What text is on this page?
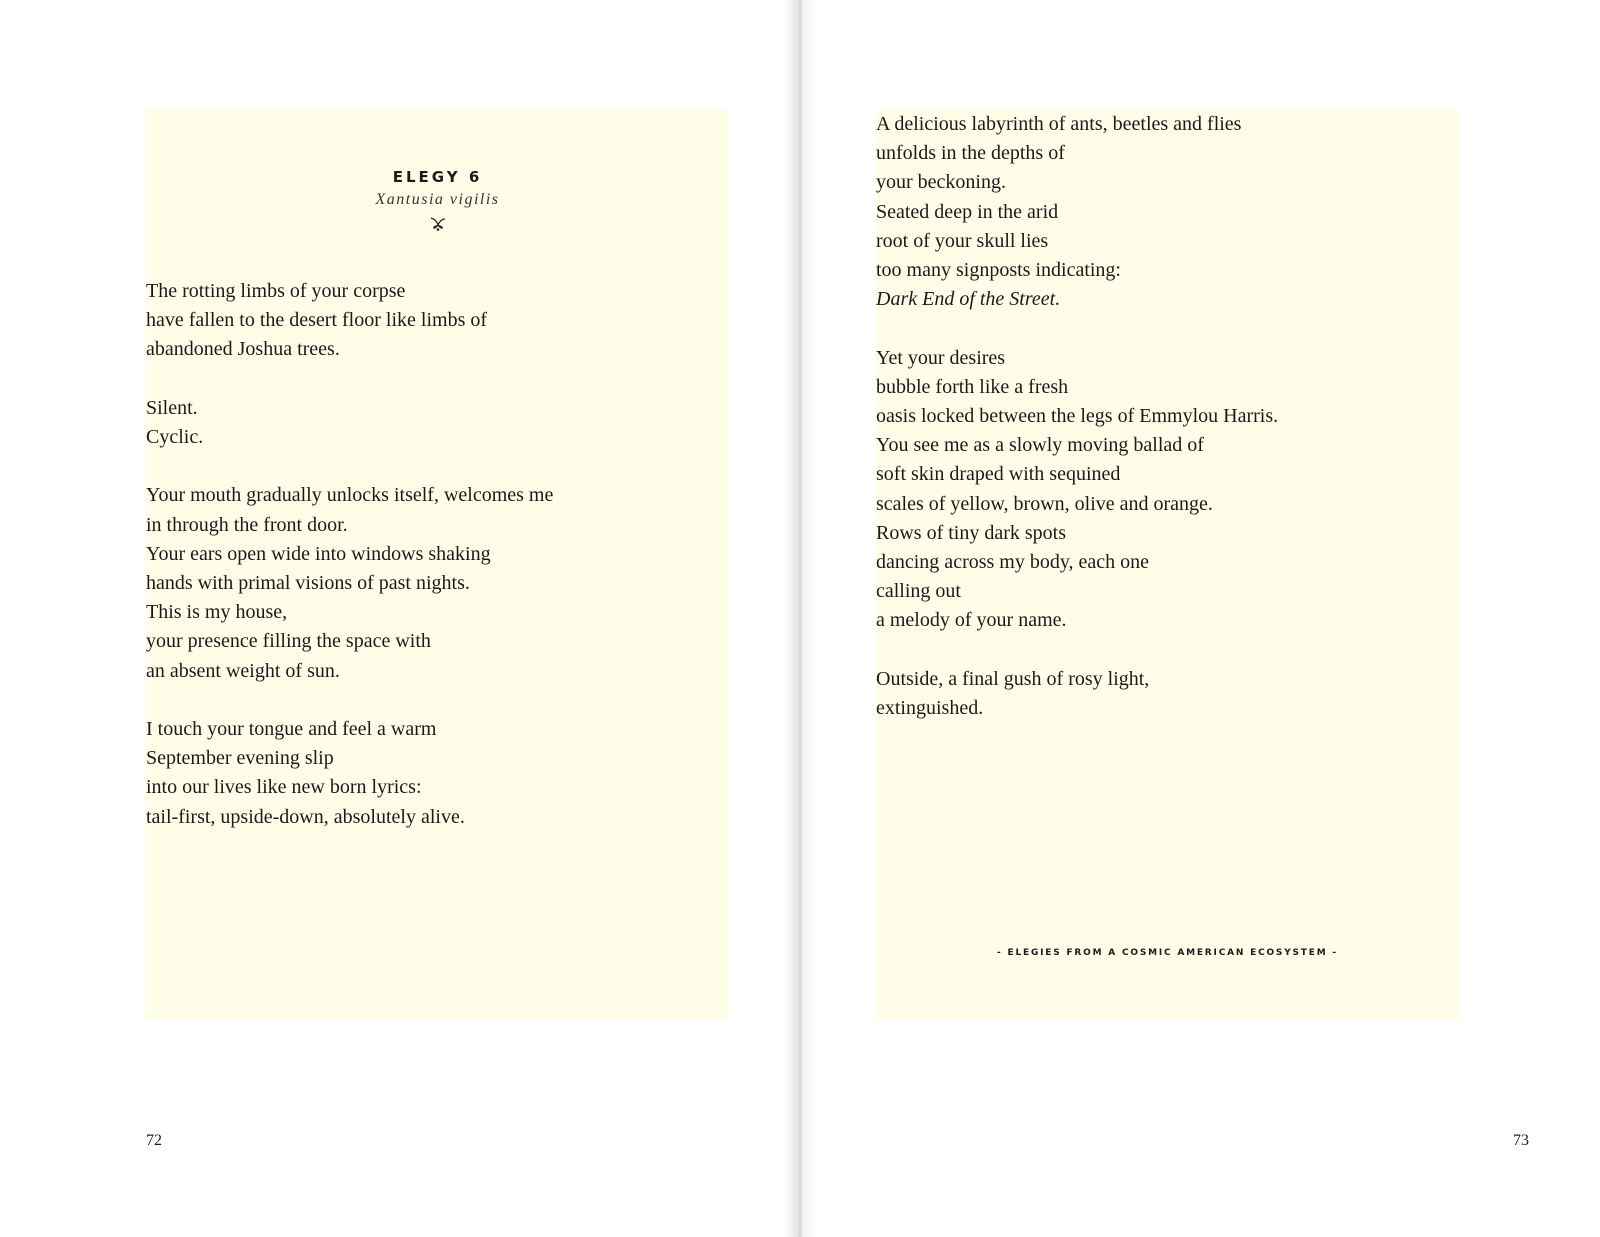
ELEGY 6
Xantusia vigilis
The rotting limbs of your corpse
have fallen to the desert floor like limbs of
abandoned Joshua trees.
Silent.
Cyclic.
Your mouth gradually unlocks itself, welcomes me
in through the front door.
Your ears open wide into windows shaking
hands with primal visions of past nights.
This is my house,
your presence filling the space with
an absent weight of sun.
I touch your tongue and feel a warm
September evening slip
into our lives like new born lyrics:
tail-first, upside-down, absolutely alive.
72
A delicious labyrinth of ants, beetles and flies
unfolds in the depths of
your beckoning.
Seated deep in the arid
root of your skull lies
too many signposts indicating:
Dark End of the Street.
Yet your desires
bubble forth like a fresh
oasis locked between the legs of Emmylou Harris.
You see me as a slowly moving ballad of
soft skin draped with sequined
scales of yellow, brown, olive and orange.
Rows of tiny dark spots
dancing across my body, each one
calling out
a melody of your name.
Outside, a final gush of rosy light,
extinguished.
- ELEGIES FROM A COSMIC AMERICAN ECOSYSTEM -
73
